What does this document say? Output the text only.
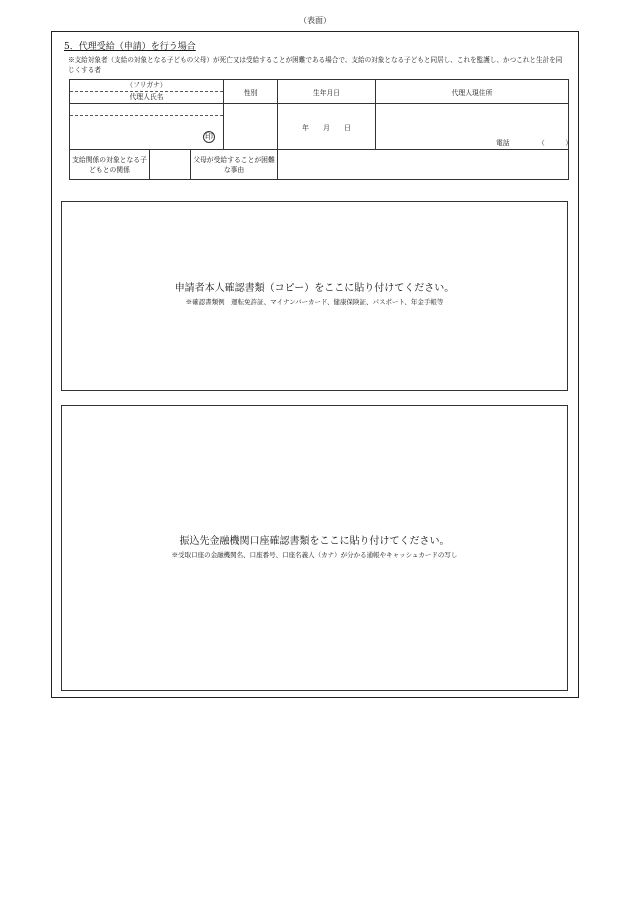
（表面）
5．代理受給（申請）を行う場合
※支給対象者（支給の対象となる子どもの父母）が死亡又は受給することが困難である場合で、支給の対象となる子どもと同居し、これを監護し、かつこれと生計を同じくする者
（フリガナ）
代理人氏名			性別	生年月日	代理人現住所

印				年 月 日	電話 （　　　）

支給関係の対象となる子どもとの関係		父母が受給することが困難な事由			
申請者本人確認書類（コピー）をここに貼り付けてください。
※確認書類例　運転免許証、マイナンバーカード、健康保険証、パスポート、年金手帳等
振込先金融機関口座確認書類をここに貼り付けてください。
※受取口座の金融機関名、口座番号、口座名義人（カナ）が分かる通帳やキャッシュカードの写し
